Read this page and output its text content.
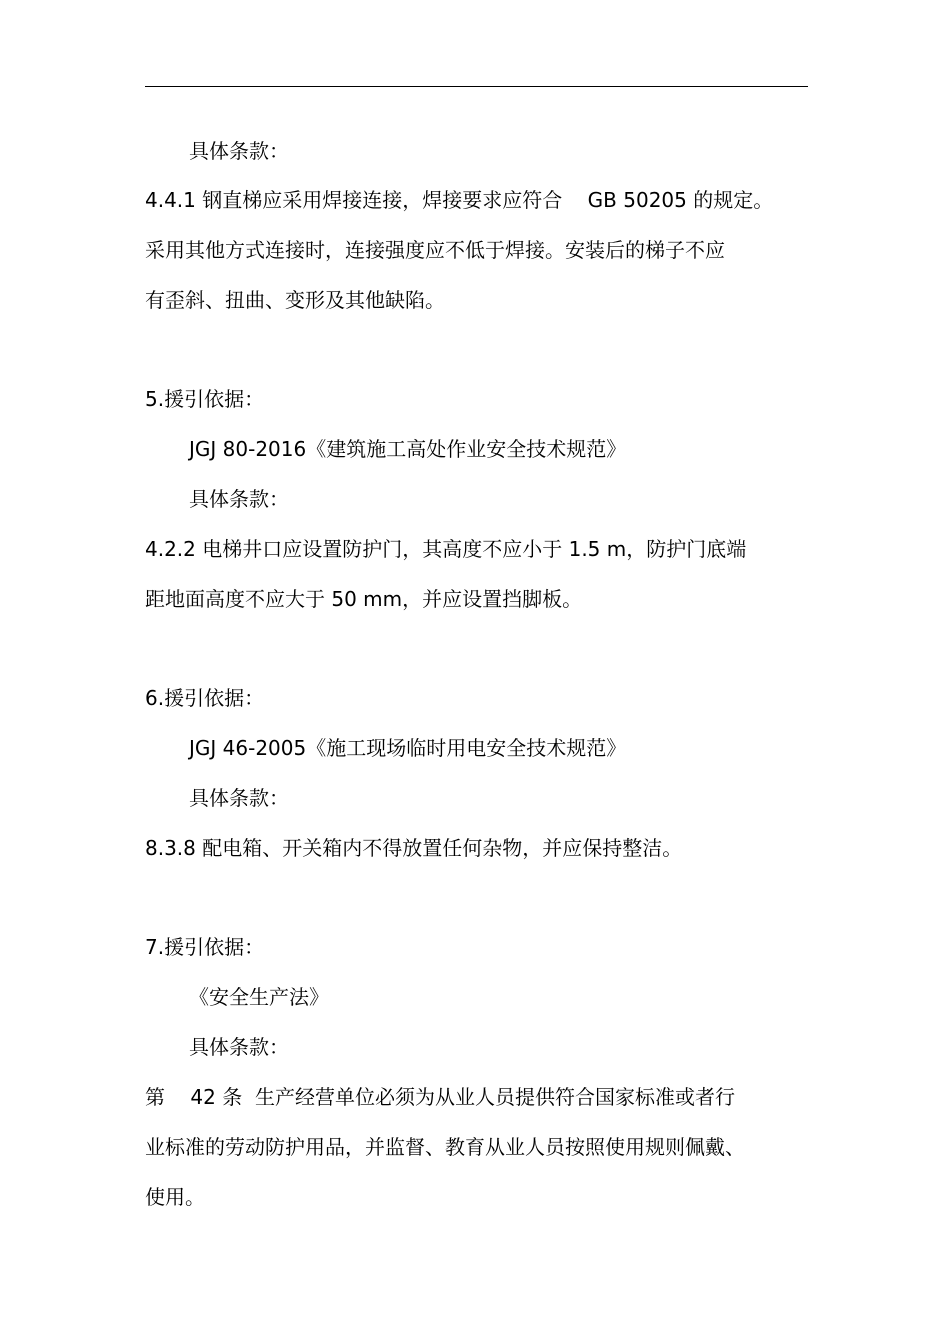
具体条款：
4.4.1 钢直梯应采用焊接连接，焊接要求应符合    GB 50205 的规定。
采用其他方式连接时，连接强度应不低于焊接。安装后的梯子不应
有歪斜、扭曲、变形及其他缺陷。
5.援引依据：
JGJ 80-2016《建筑施工高处作业安全技术规范》
具体条款：
4.2.2 电梯井口应设置防护门，其高度不应小于 1.5 m，防护门底端
距地面高度不应大于 50 mm，并应设置挡脚板。
6.援引依据：
JGJ 46-2005《施工现场临时用电安全技术规范》
具体条款：
8.3.8 配电箱、开关箱内不得放置任何杂物，并应保持整洁。
7.援引依据：
《安全生产法》
具体条款：
第    42 条  生产经营单位必须为从业人员提供符合国家标准或者行
业标准的劳动防护用品，并监督、教育从业人员按照使用规则佩戴、
使用。
